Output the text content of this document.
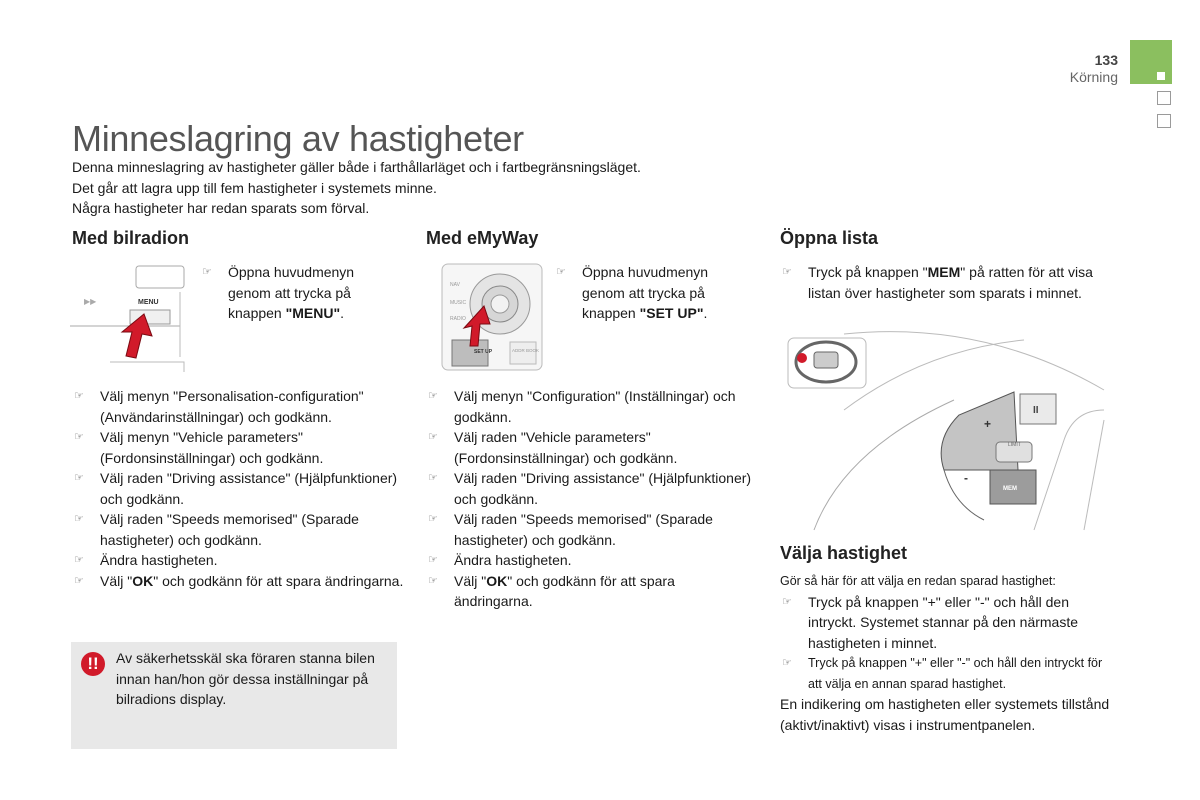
133
Körning
Minneslagring av hastigheter

Denna minneslagring av hastigheter gäller både i farthållarläget och i fartbegränsningsläget.

Det går att lagra upp till fem hastigheter i systemets minne.

Några hastigheter har redan sparats som förval.

Med bilradion
▶▶	MENU
☞ Öppna huvudmenyn genom att trycka på knappen "MENU".
☞ Välj menyn "Personalisation-configuration" (Användarinställningar) och godkänn.
☞ Välj menyn "Vehicle parameters" (Fordonsinställningar) och godkänn.
☞ Välj raden "Driving assistance" (Hjälpfunktioner) och godkänn.
☞ Välj raden "Speeds memorised" (Sparade hastigheter) och godkänn.
☞ Ändra hastigheten.
☞ Välj "OK" och godkänn för att spara ändringarna.
!!	Av säkerhetsskäl ska föraren stanna bilen innan han/hon gör dessa inställningar på bilradions display.
Med eMyWay
NAV
MUSIC
RADIO
SET UP	ADDR BOOK
☞ Öppna huvudmenyn genom att trycka på knappen "SET UP".
☞ Välj menyn "Configuration" (Inställningar) och godkänn.
☞ Välj raden "Vehicle parameters" (Fordonsinställningar) och godkänn.
☞ Välj raden "Driving assistance" (Hjälpfunktioner) och godkänn.
☞ Välj raden "Speeds memorised" (Sparade hastigheter) och godkänn.
☞ Ändra hastigheten.
☞ Välj "OK" och godkänn för att spara ändringarna.
Öppna lista
☞ Tryck på knappen "MEM" på ratten för att visa listan över hastigheter som sparats i minnet.
+
-
MEM
II
LIMIT
Välja hastighet
Gör så här för att välja en redan sparad hastighet:
☞ Tryck på knappen "+" eller "-" och håll den intryckt. Systemet stannar på den närmaste hastigheten i minnet.
☞ Tryck på knappen "+" eller "-" och håll den intryckt för att välja en annan sparad hastighet.
En indikering om hastigheten eller systemets tillstånd (aktivt/inaktivt) visas i instrumentpanelen.
